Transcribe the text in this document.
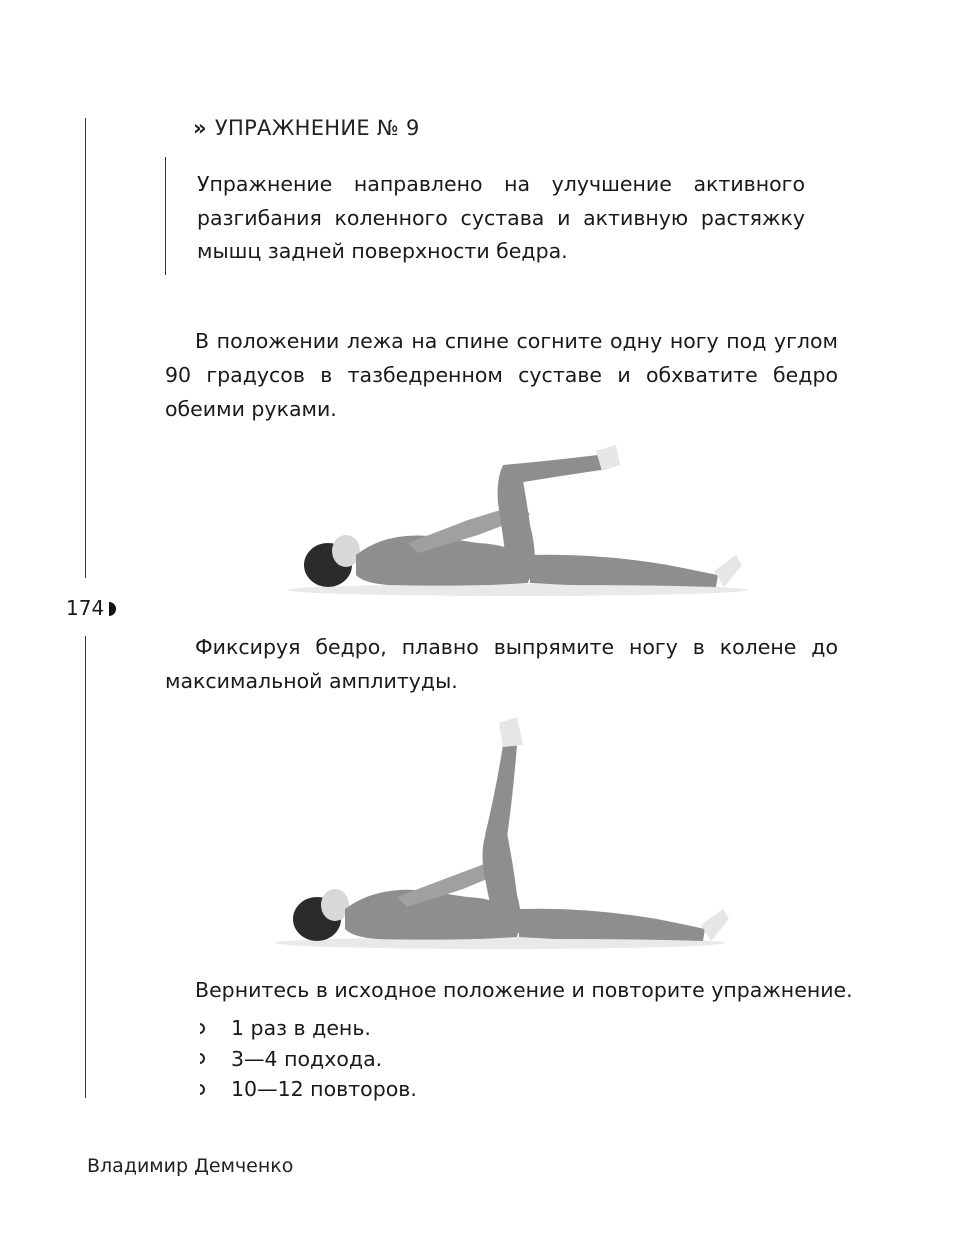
» УПРАЖНЕНИЕ № 9

Упражнение направлено на улучшение активного разгибания коленного сустава и активную растяжку мышц задней поверхности бедра.

В положении лежа на спине согните одну ногу под углом 90 градусов в тазбедренном суставе и обхватите бедро обеими руками.

174

Фиксируя бедро, плавно выпрямите ногу в колене до максимальной амплитуды.

Вернитесь в исходное положение и повторите упражнение.

1 раз в день.
3—4 подхода.
10—12 повторов.
Владимир Демченко
